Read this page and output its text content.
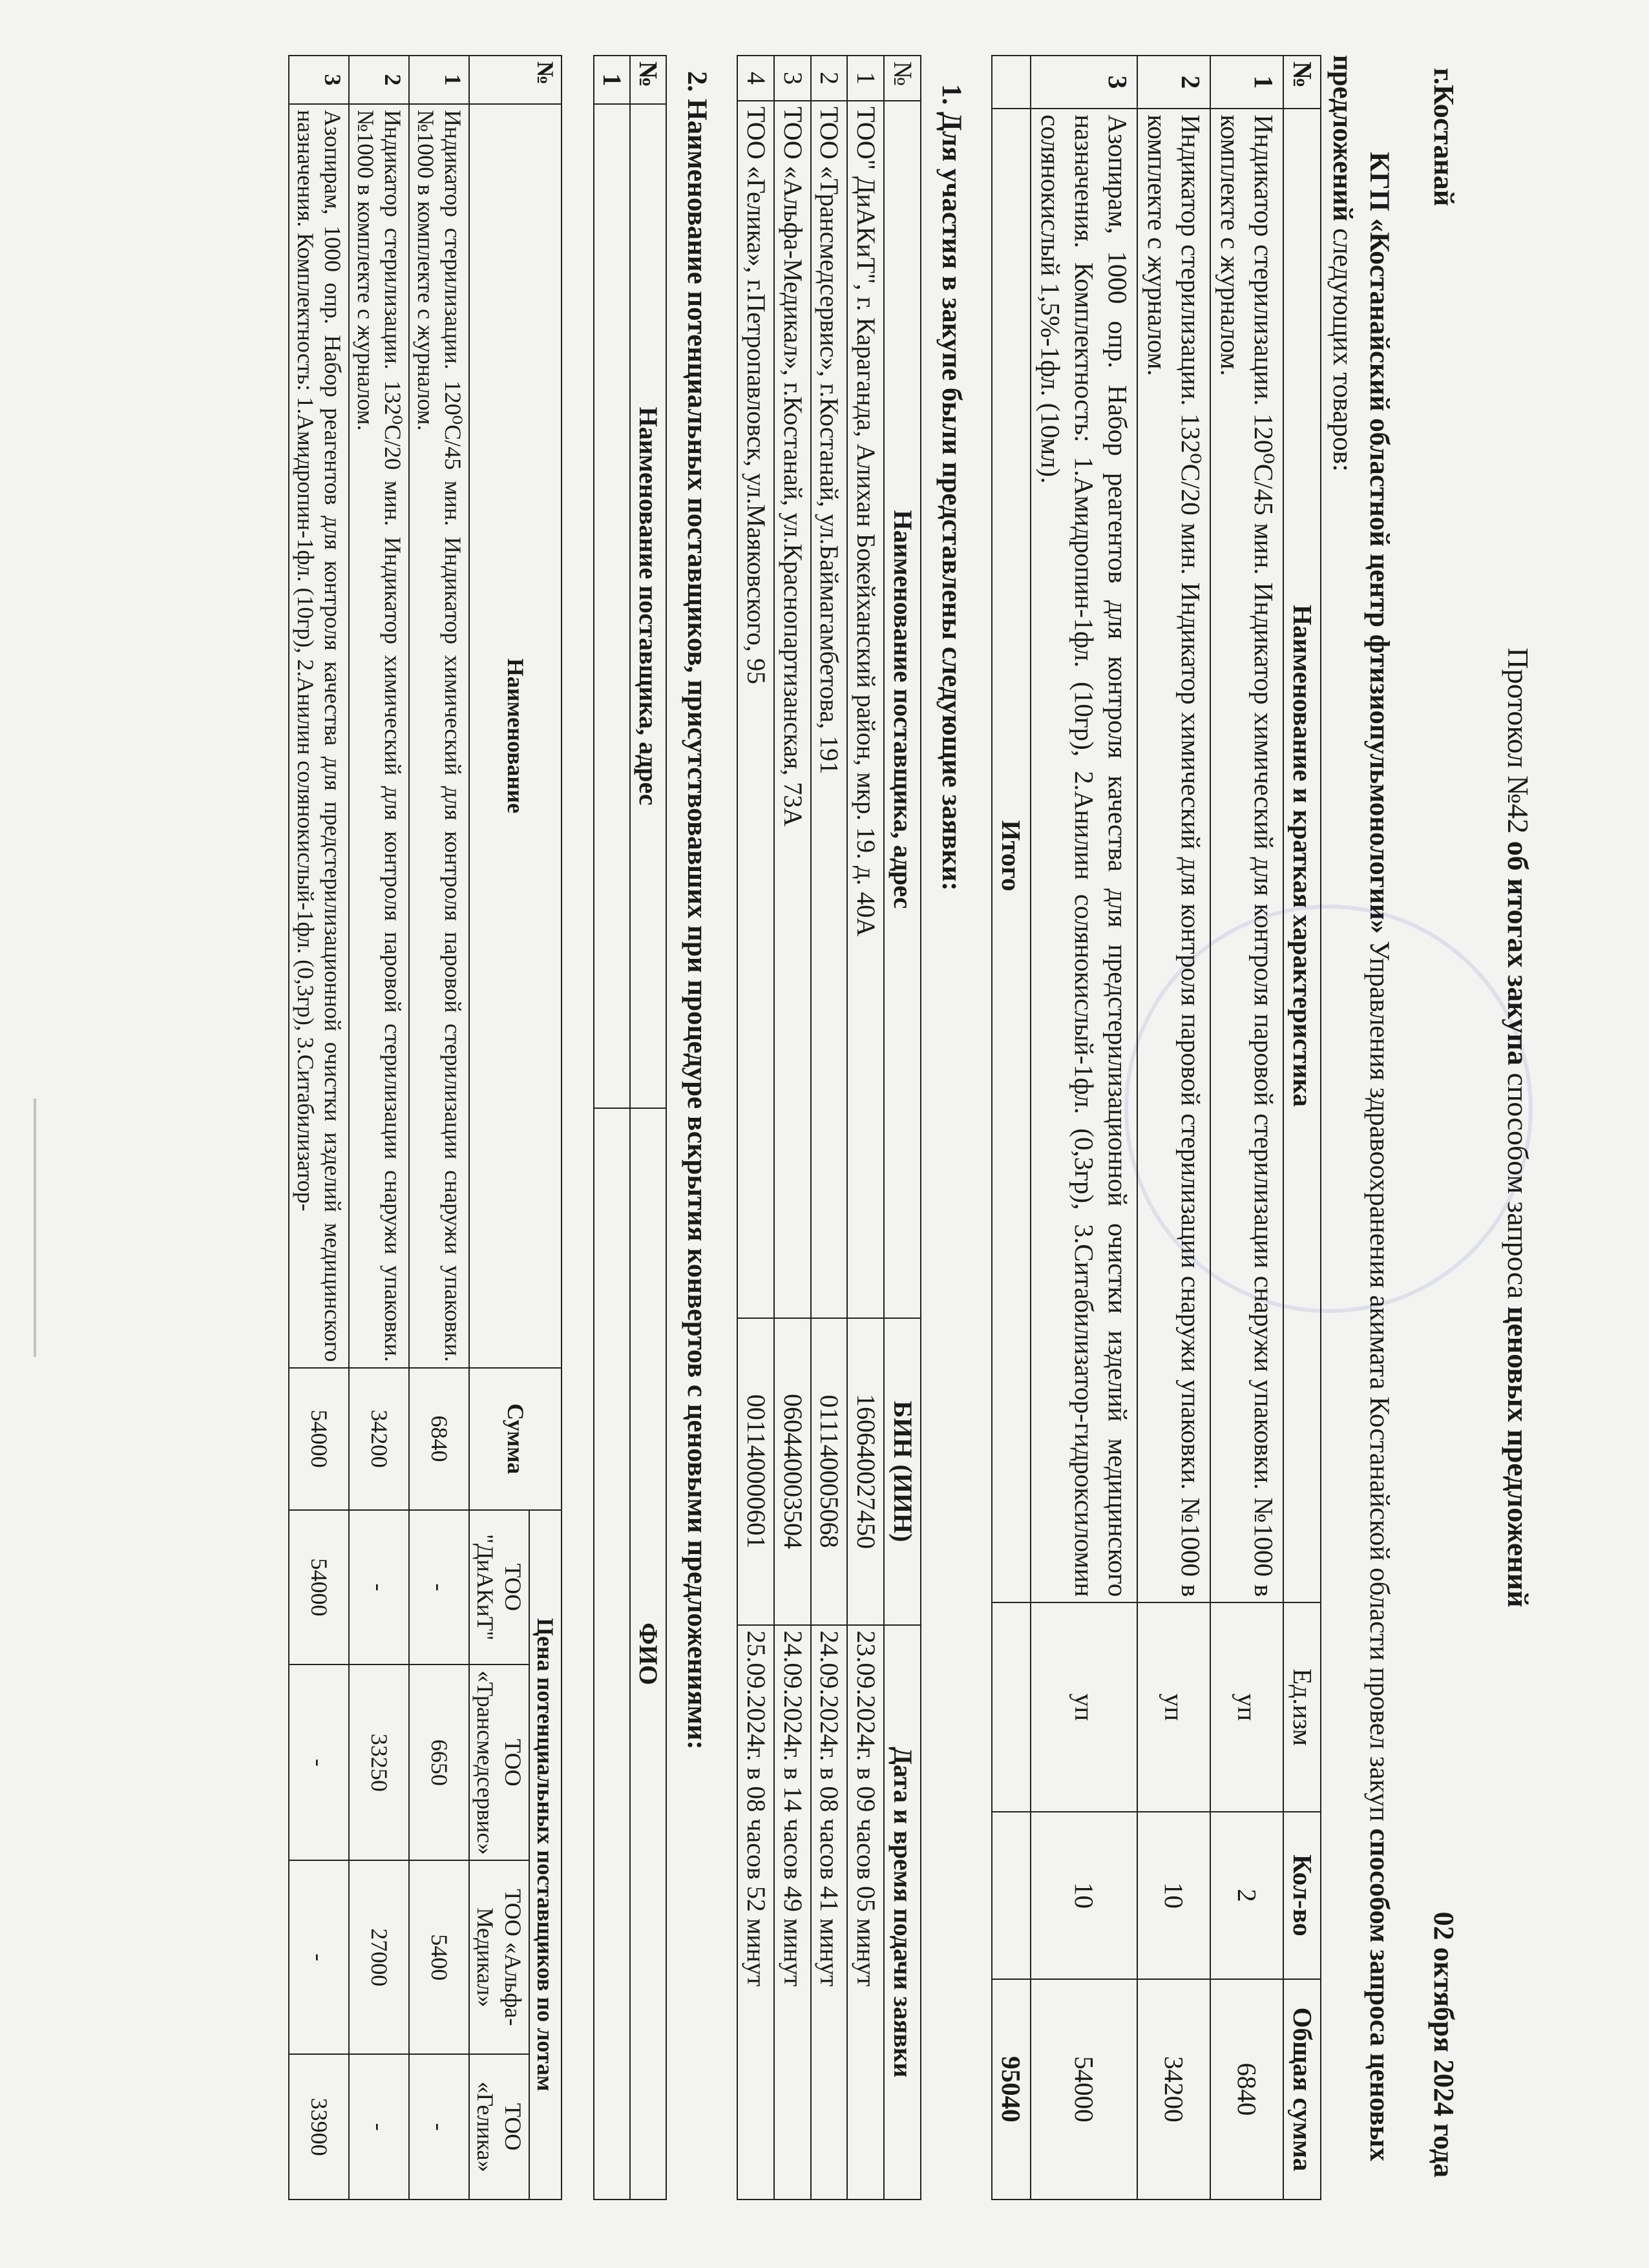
Протокол №42 об итогах закупа способом запроса ценовых предложений
г.Костанай
02 октября 2024 года
КГП «Костанайский областной центр фтизиопульмонологии» Управления здравоохранения акимата Костанайской области провел закуп способом запроса ценовых предложений следующих товаров:
№	Наименование и краткая характеристика	Ед.изм	Кол-во	Общая сумма
1	Индикатор стерилизации. 120⁰С/45 мин. Индикатор химический для контроля паровой стерилизации снаружи упаковки. №1000 в комплекте с журналом.	уп	2	6840
2	Индикатор стерилизации. 132⁰С/20 мин. Индикатор химический для контроля паровой стерилизации снаружи упаковки. №1000 в комплекте с журналом.	уп	10	34200
3	Азопирам, 1000 опр. Набор реагентов для контроля качества для предстерилизационной очистки изделий медицинского назначения. Комплектность: 1.Амидропин-1фл. (10гр), 2.Анилин солянокислый-1фл. (0,3гр), 3.Ситабилизатор-гидроксиломин солянокислый 1,5%-1фл. (10мл).	уп	10	54000
	Итого			95040
1. Для участия в закупе были представлены следующие заявки:
№	Наименование поставщика, адрес	БИН (ИИН)	Дата и время подачи заявки
1	ТОО" ДиАКиТ", г. Караганда, Алихан Бокейханский район, мкр. 19. д. 40А	160640027450	23.09.2024г. в 09 часов 05 минут
2	ТОО «Трансмедсервис», г.Костанай, ул.Баймагамбетова, 191	011140005068	24.09.2024г. в 08 часов 41 минут
3	ТОО «Альфа-Медикал», г.Костанай, ул.Краснопартизанская, 73А	060440003504	24.09.2024г. в 14 часов 49 минут
4	ТОО «Гелика», г.Петропавловск, ул.Маяковского, 95	001140000601	25.09.2024г. в 08 часов 52 минут
2. Наименование потенциальных поставщиков, присутствовавших при процедуре вскрытия конвертов с ценовыми предложениями:
№	Наименование поставщика, адрес	ФИО
1		
№	Наименование	Сумма	Цена потенциальных поставщиков по лотам			
			ТОО "ДиАКиТ"	ТОО «Трансмедсервис»	ТОО «Альфа-Медикал»	ТОО «Гелика»
1	Индикатор стерилизации. 120⁰С/45 мин. Индикатор химический для контроля паровой стерилизации снаружи упаковки. №1000 в комплекте с журналом.	6840	-	6650	5400	-
2	Индикатор стерилизации. 132⁰С/20 мин. Индикатор химический для контроля паровой стерилизации снаружи упаковки. №1000 в комплекте с журналом.	34200	-	33250	27000	-
3	Азопирам, 1000 опр. Набор реагентов для контроля качества для предстерилизационной очистки изделий медицинского назначения. Комплектность: 1.Амидропин-1фл. (10гр), 2.Анилин солянокислый-1фл. (0,3гр), 3.Ситабилизатор-	54000	54000	-	-	33900
